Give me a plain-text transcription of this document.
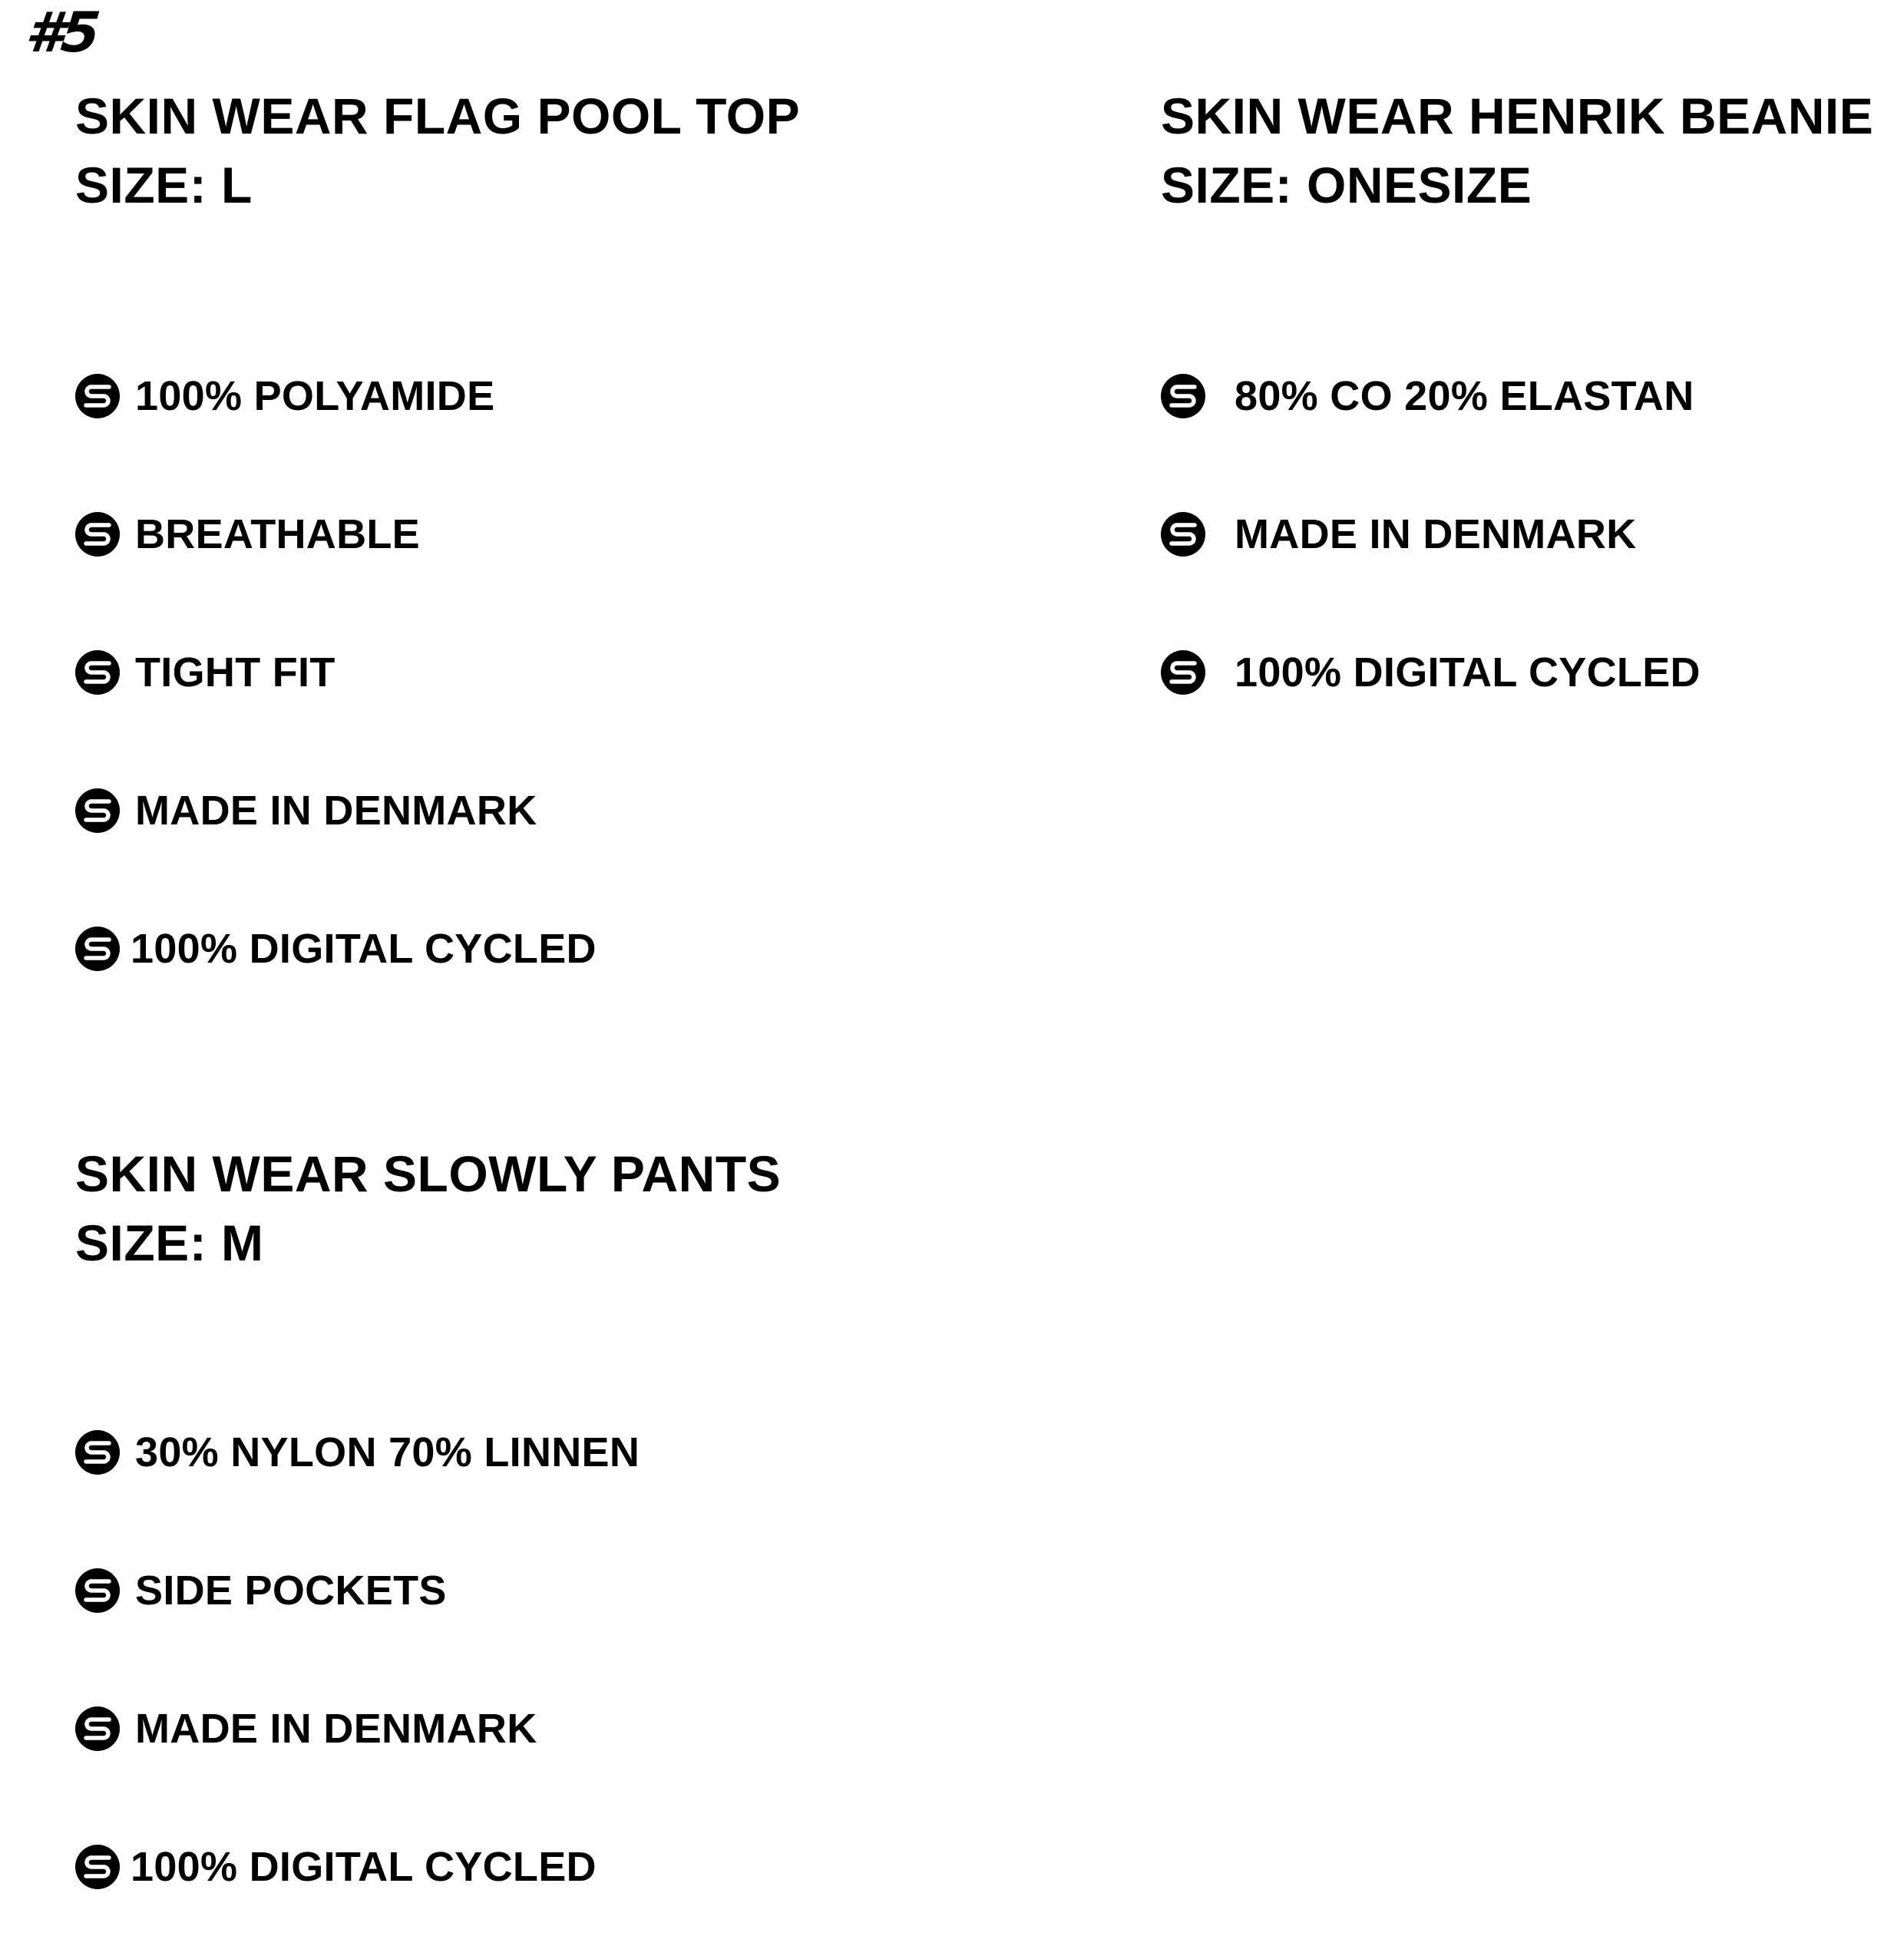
#5
SKIN WEAR FLAG POOL TOP
SIZE: L
100% POLYAMIDE
BREATHABLE
TIGHT FIT
MADE IN DENMARK
100% DIGITAL CYCLED
SKIN WEAR HENRIK BEANIE
SIZE: ONESIZE
80% CO 20% ELASTAN
MADE IN DENMARK
100% DIGITAL CYCLED
SKIN WEAR SLOWLY PANTS
SIZE: M
30% NYLON 70% LINNEN
SIDE POCKETS
MADE IN DENMARK
100% DIGITAL CYCLED
